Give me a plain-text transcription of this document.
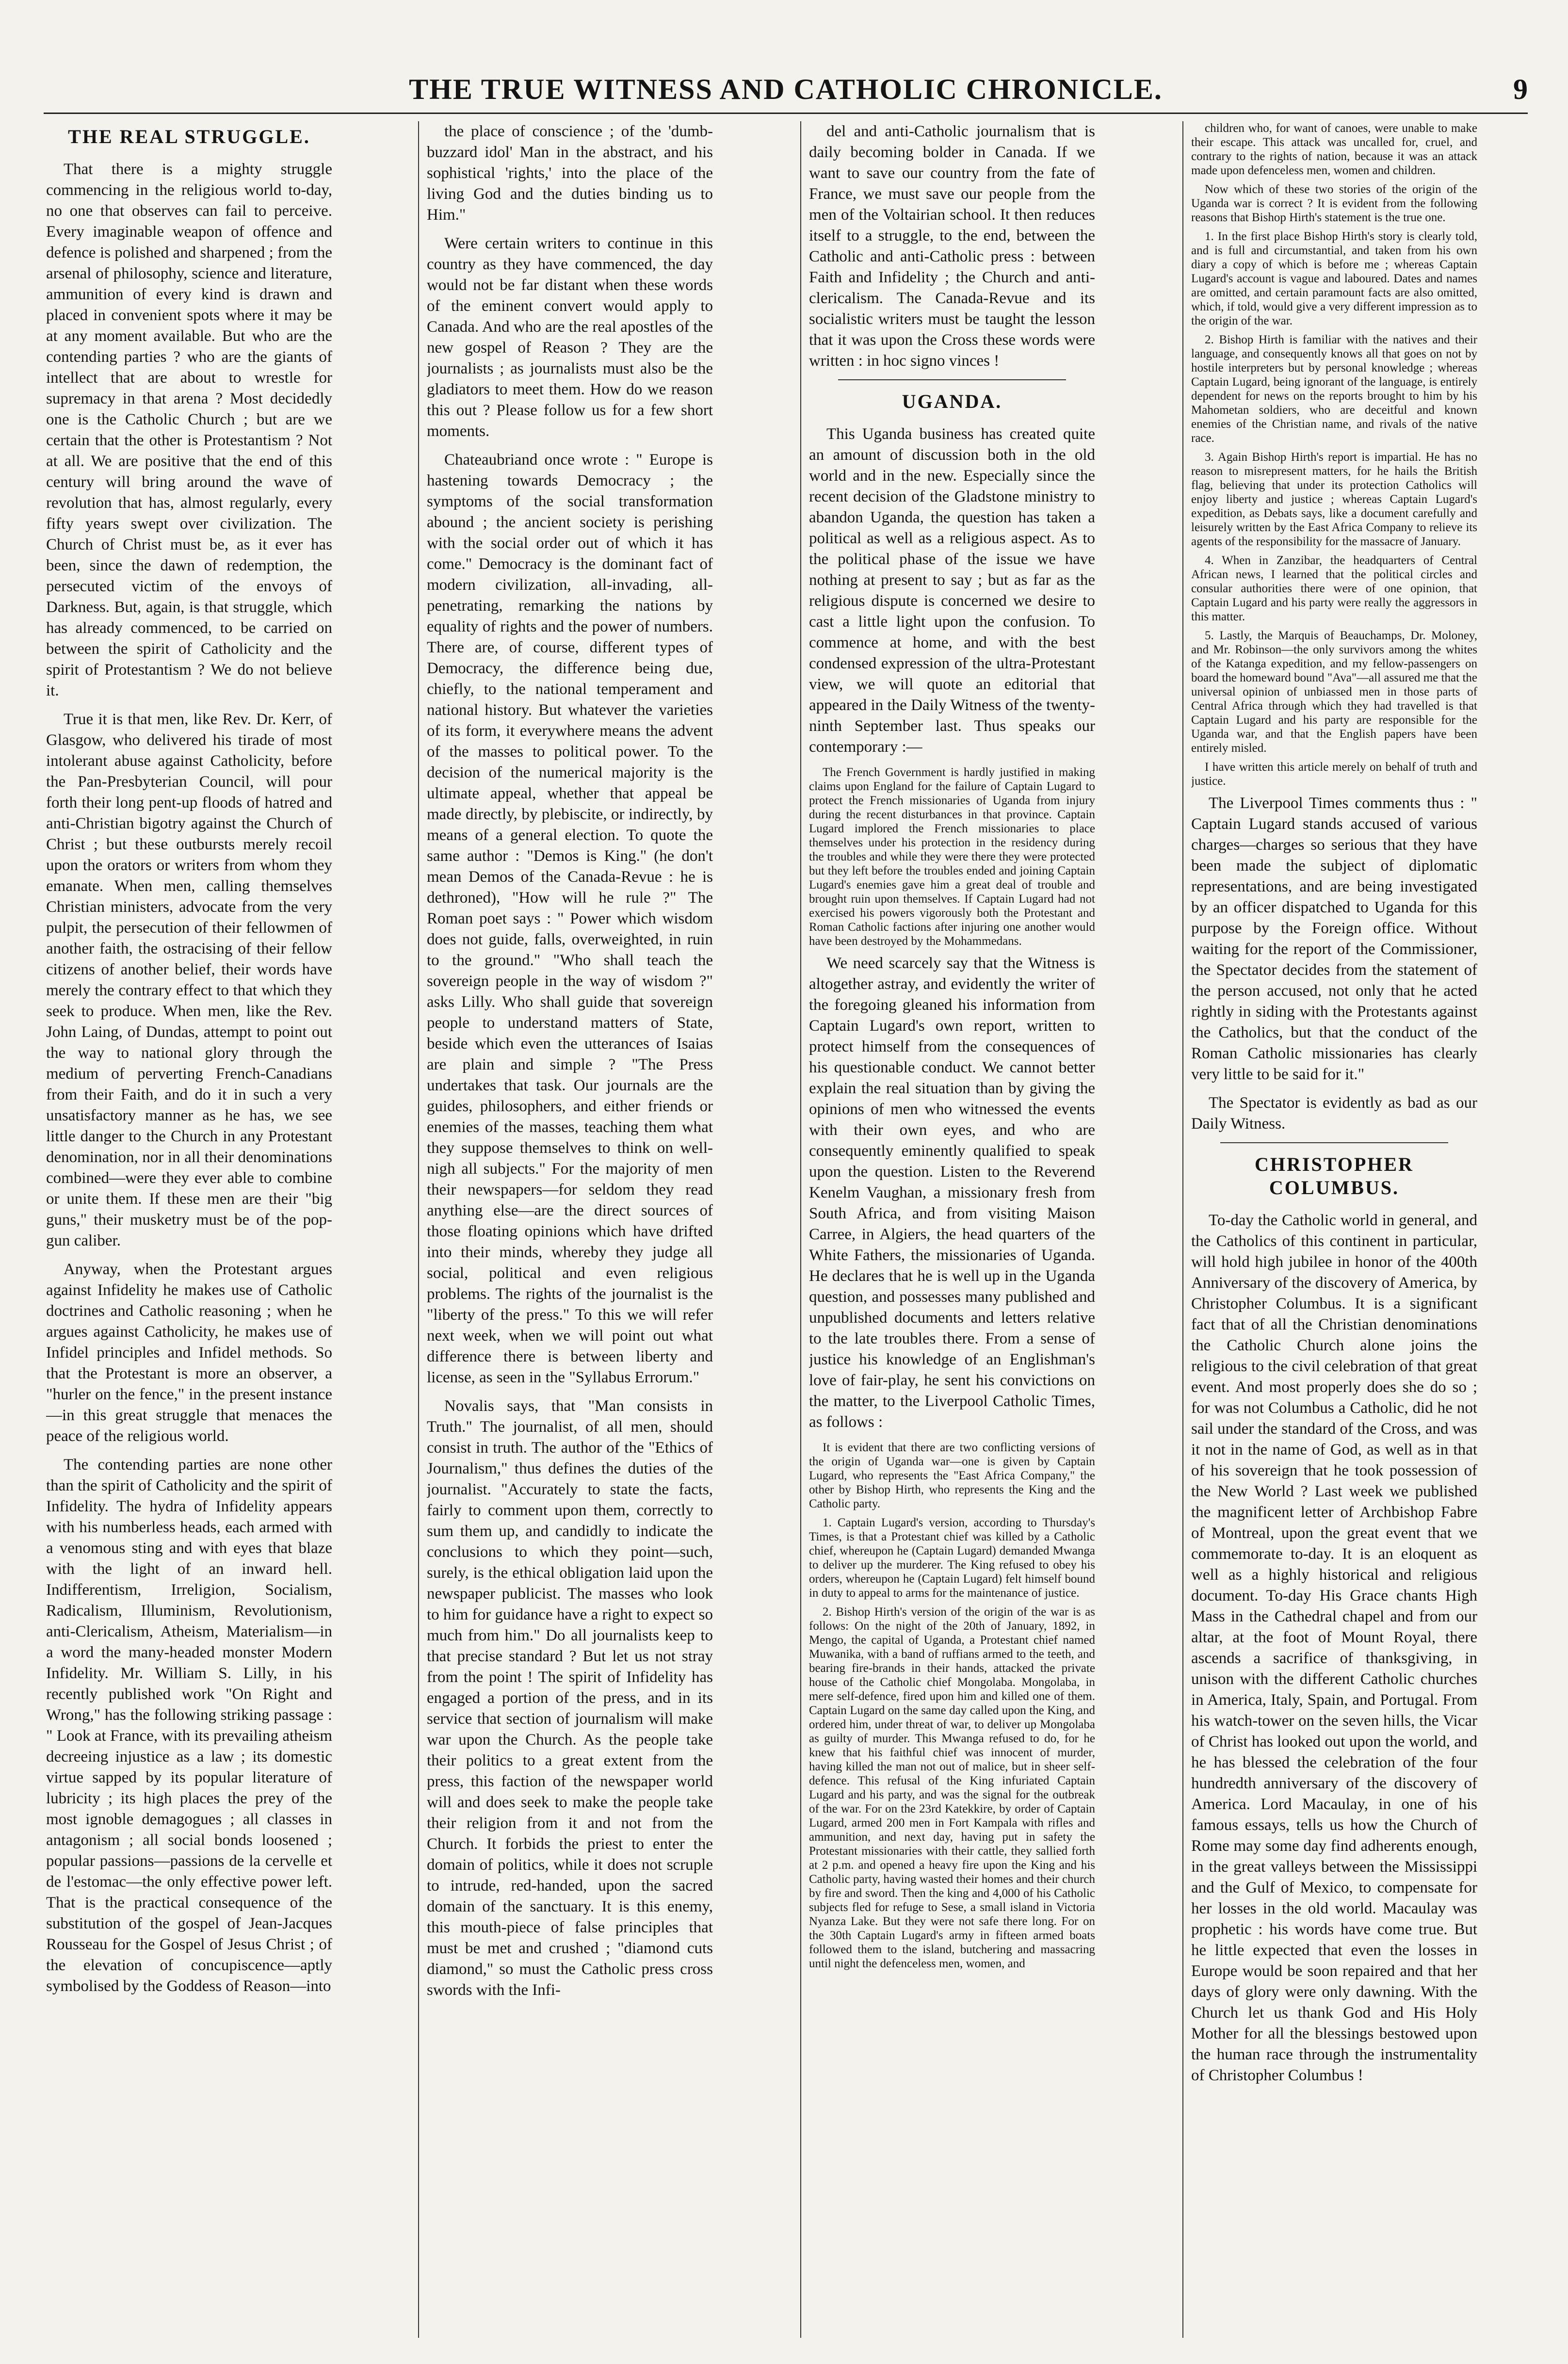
THE TRUE WITNESS AND CATHOLIC CHRONICLE.	9
THE REAL STRUGGLE.

That there is a mighty struggle commencing in the religious world to-day, no one that observes can fail to perceive. Every imaginable weapon of offence and defence is polished and sharpened ; from the arsenal of philosophy, science and literature, ammunition of every kind is drawn and placed in convenient spots where it may be at any moment available. But who are the contending parties ? who are the giants of intellect that are about to wrestle for supremacy in that arena ? Most decidedly one is the Catholic Church ; but are we certain that the other is Protestantism ? Not at all. We are positive that the end of this century will bring around the wave of revolution that has, almost regularly, every fifty years swept over civilization. The Church of Christ must be, as it ever has been, since the dawn of redemption, the persecuted victim of the envoys of Darkness. But, again, is that struggle, which has already commenced, to be carried on between the spirit of Catholicity and the spirit of Protestantism ? We do not believe it.

True it is that men, like Rev. Dr. Kerr, of Glasgow, who delivered his tirade of most intolerant abuse against Catholicity, before the Pan-Presbyterian Council, will pour forth their long pent-up floods of hatred and anti-Christian bigotry against the Church of Christ ; but these outbursts merely recoil upon the orators or writers from whom they emanate. When men, calling themselves Christian ministers, advocate from the very pulpit, the persecution of their fellowmen of another faith, the ostracising of their fellow citizens of another belief, their words have merely the contrary effect to that which they seek to produce. When men, like the Rev. John Laing, of Dundas, attempt to point out the way to national glory through the medium of perverting French-Canadians from their Faith, and do it in such a very unsatisfactory manner as he has, we see little danger to the Church in any Protestant denomination, nor in all their denominations combined—were they ever able to combine or unite them. If these men are their "big guns," their musketry must be of the pop-gun caliber.

Anyway, when the Protestant argues against Infidelity he makes use of Catholic doctrines and Catholic reasoning ; when he argues against Catholicity, he makes use of Infidel principles and Infidel methods. So that the Protestant is more an observer, a "hurler on the fence," in the present instance—in this great struggle that menaces the peace of the religious world.

The contending parties are none other than the spirit of Catholicity and the spirit of Infidelity. The hydra of Infidelity appears with his numberless heads, each armed with a venomous sting and with eyes that blaze with the light of an inward hell. Indifferentism, Irreligion, Socialism, Radicalism, Illuminism, Revolutionism, anti-Clericalism, Atheism, Materialism—in a word the many-headed monster Modern Infidelity. Mr. William S. Lilly, in his recently published work "On Right and Wrong," has the following striking passage : " Look at France, with its prevailing atheism decreeing injustice as a law ; its domestic virtue sapped by its popular literature of lubricity ; its high places the prey of the most ignoble demagogues ; all classes in antagonism ; all social bonds loosened ; popular passions—passions de la cervelle et de l'estomac—the only effective power left. That is the practical consequence of the substitution of the gospel of Jean-Jacques Rousseau for the Gospel of Jesus Christ ; of the elevation of concupiscence—aptly symbolised by the Goddess of Reason—into

the place of conscience ; of the 'dumb-buzzard idol' Man in the abstract, and his sophistical 'rights,' into the place of the living God and the duties binding us to Him."

Were certain writers to continue in this country as they have commenced, the day would not be far distant when these words of the eminent convert would apply to Canada. And who are the real apostles of the new gospel of Reason ? They are the journalists ; as journalists must also be the gladiators to meet them. How do we reason this out ? Please follow us for a few short moments.

Chateaubriand once wrote : " Europe is hastening towards Democracy ; the symptoms of the social transformation abound ; the ancient society is perishing with the social order out of which it has come." Democracy is the dominant fact of modern civilization, all-invading, all-penetrating, remarking the nations by equality of rights and the power of numbers. There are, of course, different types of Democracy, the difference being due, chiefly, to the national temperament and national history. But whatever the varieties of its form, it everywhere means the advent of the masses to political power. To the decision of the numerical majority is the ultimate appeal, whether that appeal be made directly, by plebiscite, or indirectly, by means of a general election. To quote the same author : "Demos is King." (he don't mean Demos of the Canada-Revue : he is dethroned), "How will he rule ?" The Roman poet says : " Power which wisdom does not guide, falls, overweighted, in ruin to the ground." "Who shall teach the sovereign people in the way of wisdom ?" asks Lilly. Who shall guide that sovereign people to understand matters of State, beside which even the utterances of Isaias are plain and simple ? "The Press undertakes that task. Our journals are the guides, philosophers, and either friends or enemies of the masses, teaching them what they suppose themselves to think on well-nigh all subjects." For the majority of men their newspapers—for seldom they read anything else—are the direct sources of those floating opinions which have drifted into their minds, whereby they judge all social, political and even religious problems. The rights of the journalist is the "liberty of the press." To this we will refer next week, when we will point out what difference there is between liberty and license, as seen in the "Syllabus Errorum."

Novalis says, that "Man consists in Truth." The journalist, of all men, should consist in truth. The author of the "Ethics of Journalism," thus defines the duties of the journalist. "Accurately to state the facts, fairly to comment upon them, correctly to sum them up, and candidly to indicate the conclusions to which they point—such, surely, is the ethical obligation laid upon the newspaper publicist. The masses who look to him for guidance have a right to expect so much from him." Do all journalists keep to that precise standard ? But let us not stray from the point ! The spirit of Infidelity has engaged a portion of the press, and in its service that section of journalism will make war upon the Church. As the people take their politics to a great extent from the press, this faction of the newspaper world will and does seek to make the people take their religion from it and not from the Church. It forbids the priest to enter the domain of politics, while it does not scruple to intrude, red-handed, upon the sacred domain of the sanctuary. It is this enemy, this mouth-piece of false principles that must be met and crushed ; "diamond cuts diamond," so must the Catholic press cross swords with the Infi-

del and anti-Catholic journalism that is daily becoming bolder in Canada. If we want to save our country from the fate of France, we must save our people from the men of the Voltairian school. It then reduces itself to a struggle, to the end, between the Catholic and anti-Catholic press : between Faith and Infidelity ; the Church and anti-clericalism. The Canada-Revue and its socialistic writers must be taught the lesson that it was upon the Cross these words were written : in hoc signo vinces !

UGANDA.

This Uganda business has created quite an amount of discussion both in the old world and in the new. Especially since the recent decision of the Gladstone ministry to abandon Uganda, the question has taken a political as well as a religious aspect. As to the political phase of the issue we have nothing at present to say ; but as far as the religious dispute is concerned we desire to cast a little light upon the confusion. To commence at home, and with the best condensed expression of the ultra-Protestant view, we will quote an editorial that appeared in the Daily Witness of the twenty-ninth September last. Thus speaks our contemporary :—

The French Government is hardly justified in making claims upon England for the failure of Captain Lugard to protect the French missionaries of Uganda from injury during the recent disturbances in that province. Captain Lugard implored the French missionaries to place themselves under his protection in the residency during the troubles and while they were there they were protected but they left before the troubles ended and joining Captain Lugard's enemies gave him a great deal of trouble and brought ruin upon themselves. If Captain Lugard had not exercised his powers vigorously both the Protestant and Roman Catholic factions after injuring one another would have been destroyed by the Mohammedans.

We need scarcely say that the Witness is altogether astray, and evidently the writer of the foregoing gleaned his information from Captain Lugard's own report, written to protect himself from the consequences of his questionable conduct. We cannot better explain the real situation than by giving the opinions of men who witnessed the events with their own eyes, and who are consequently eminently qualified to speak upon the question. Listen to the Reverend Kenelm Vaughan, a missionary fresh from South Africa, and from visiting Maison Carree, in Algiers, the head quarters of the White Fathers, the missionaries of Uganda. He declares that he is well up in the Uganda question, and possesses many published and unpublished documents and letters relative to the late troubles there. From a sense of justice his knowledge of an Englishman's love of fair-play, he sent his convictions on the matter, to the Liverpool Catholic Times, as follows :

It is evident that there are two conflicting versions of the origin of Uganda war—one is given by Captain Lugard, who represents the "East Africa Company," the other by Bishop Hirth, who represents the King and the Catholic party.

1. Captain Lugard's version, according to Thursday's Times, is that a Protestant chief was killed by a Catholic chief, whereupon he (Captain Lugard) demanded Mwanga to deliver up the murderer. The King refused to obey his orders, whereupon he (Captain Lugard) felt himself bound in duty to appeal to arms for the maintenance of justice.

2. Bishop Hirth's version of the origin of the war is as follows: On the night of the 20th of January, 1892, in Mengo, the capital of Uganda, a Protestant chief named Muwanika, with a band of ruffians armed to the teeth, and bearing fire-brands in their hands, attacked the private house of the Catholic chief Mongolaba. Mongolaba, in mere self-defence, fired upon him and killed one of them. Captain Lugard on the same day called upon the King, and ordered him, under threat of war, to deliver up Mongolaba as guilty of murder. This Mwanga refused to do, for he knew that his faithful chief was innocent of murder, having killed the man not out of malice, but in sheer self-defence. This refusal of the King infuriated Captain Lugard and his party, and was the signal for the outbreak of the war. For on the 23rd Katekkire, by order of Captain Lugard, armed 200 men in Fort Kampala with rifles and ammunition, and next day, having put in safety the Protestant missionaries with their cattle, they sallied forth at 2 p.m. and opened a heavy fire upon the King and his Catholic party, having wasted their homes and their church by fire and sword. Then the king and 4,000 of his Catholic subjects fled for refuge to Sese, a small island in Victoria Nyanza Lake. But they were not safe there long. For on the 30th Captain Lugard's army in fifteen armed boats followed them to the island, butchering and massacring until night the defenceless men, women, and

children who, for want of canoes, were unable to make their escape. This attack was uncalled for, cruel, and contrary to the rights of nation, because it was an attack made upon defenceless men, women and children.

Now which of these two stories of the origin of the Uganda war is correct ? It is evident from the following reasons that Bishop Hirth's statement is the true one.

1. In the first place Bishop Hirth's story is clearly told, and is full and circumstantial, and taken from his own diary a copy of which is before me ; whereas Captain Lugard's account is vague and laboured. Dates and names are omitted, and certain paramount facts are also omitted, which, if told, would give a very different impression as to the origin of the war.

2. Bishop Hirth is familiar with the natives and their language, and consequently knows all that goes on not by hostile interpreters but by personal knowledge ; whereas Captain Lugard, being ignorant of the language, is entirely dependent for news on the reports brought to him by his Mahometan soldiers, who are deceitful and known enemies of the Christian name, and rivals of the native race.

3. Again Bishop Hirth's report is impartial. He has no reason to misrepresent matters, for he hails the British flag, believing that under its protection Catholics will enjoy liberty and justice ; whereas Captain Lugard's expedition, as Debats says, like a document carefully and leisurely written by the East Africa Company to relieve its agents of the responsibility for the massacre of January.

4. When in Zanzibar, the headquarters of Central African news, I learned that the political circles and consular authorities there were of one opinion, that Captain Lugard and his party were really the aggressors in this matter.

5. Lastly, the Marquis of Beauchamps, Dr. Moloney, and Mr. Robinson—the only survivors among the whites of the Katanga expedition, and my fellow-passengers on board the homeward bound "Ava"—all assured me that the universal opinion of unbiassed men in those parts of Central Africa through which they had travelled is that Captain Lugard and his party are responsible for the Uganda war, and that the English papers have been entirely misled.

I have written this article merely on behalf of truth and justice.

The Liverpool Times comments thus : " Captain Lugard stands accused of various charges—charges so serious that they have been made the subject of diplomatic representations, and are being investigated by an officer dispatched to Uganda for this purpose by the Foreign office. Without waiting for the report of the Commissioner, the Spectator decides from the statement of the person accused, not only that he acted rightly in siding with the Protestants against the Catholics, but that the conduct of the Roman Catholic missionaries has clearly very little to be said for it."

The Spectator is evidently as bad as our Daily Witness.

CHRISTOPHER COLUMBUS.

To-day the Catholic world in general, and the Catholics of this continent in particular, will hold high jubilee in honor of the 400th Anniversary of the discovery of America, by Christopher Columbus. It is a significant fact that of all the Christian denominations the Catholic Church alone joins the religious to the civil celebration of that great event. And most properly does she do so ; for was not Columbus a Catholic, did he not sail under the standard of the Cross, and was it not in the name of God, as well as in that of his sovereign that he took possession of the New World ? Last week we published the magnificent letter of Archbishop Fabre of Montreal, upon the great event that we commemorate to-day. It is an eloquent as well as a highly historical and religious document. To-day His Grace chants High Mass in the Cathedral chapel and from our altar, at the foot of Mount Royal, there ascends a sacrifice of thanksgiving, in unison with the different Catholic churches in America, Italy, Spain, and Portugal. From his watch-tower on the seven hills, the Vicar of Christ has looked out upon the world, and he has blessed the celebration of the four hundredth anniversary of the discovery of America. Lord Macaulay, in one of his famous essays, tells us how the Church of Rome may some day find adherents enough, in the great valleys between the Mississippi and the Gulf of Mexico, to compensate for her losses in the old world. Macaulay was prophetic : his words have come true. But he little expected that even the losses in Europe would be soon repaired and that her days of glory were only dawning. With the Church let us thank God and His Holy Mother for all the blessings bestowed upon the human race through the instrumentality of Christopher Columbus !
